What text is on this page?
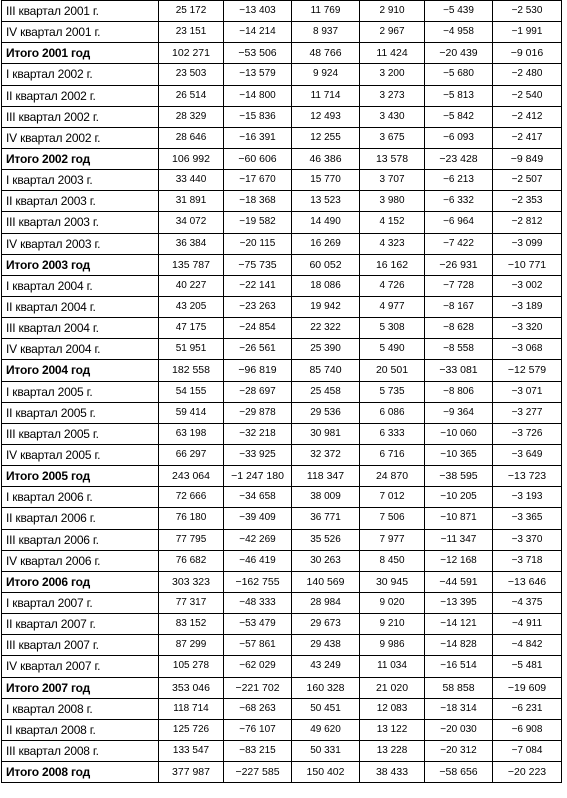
III квартал 2001 г.	25 172	−13 403	11 769	2 910	−5 439	−2 530
IV квартал 2001 г.	23 151	−14 214	8 937	2 967	−4 958	−1 991
Итого 2001 год	102 271	−53 506	48 766	11 424	−20 439	−9 016
I квартал 2002 г.	23 503	−13 579	9 924	3 200	−5 680	−2 480
II квартал 2002 г.	26 514	−14 800	11 714	3 273	−5 813	−2 540
III квартал 2002 г.	28 329	−15 836	12 493	3 430	−5 842	−2 412
IV квартал 2002 г.	28 646	−16 391	12 255	3 675	−6 093	−2 417
Итого 2002 год	106 992	−60 606	46 386	13 578	−23 428	−9 849
I квартал 2003 г.	33 440	−17 670	15 770	3 707	−6 213	−2 507
II квартал 2003 г.	31 891	−18 368	13 523	3 980	−6 332	−2 353
III квартал 2003 г.	34 072	−19 582	14 490	4 152	−6 964	−2 812
IV квартал 2003 г.	36 384	−20 115	16 269	4 323	−7 422	−3 099
Итого 2003 год	135 787	−75 735	60 052	16 162	−26 931	−10 771
I квартал 2004 г.	40 227	−22 141	18 086	4 726	−7 728	−3 002
II квартал 2004 г.	43 205	−23 263	19 942	4 977	−8 167	−3 189
III квартал 2004 г.	47 175	−24 854	22 322	5 308	−8 628	−3 320
IV квартал 2004 г.	51 951	−26 561	25 390	5 490	−8 558	−3 068
Итого 2004 год	182 558	−96 819	85 740	20 501	−33 081	−12 579
I квартал 2005 г.	54 155	−28 697	25 458	5 735	−8 806	−3 071
II квартал 2005 г.	59 414	−29 878	29 536	6 086	−9 364	−3 277
III квартал 2005 г.	63 198	−32 218	30 981	6 333	−10 060	−3 726
IV квартал 2005 г.	66 297	−33 925	32 372	6 716	−10 365	−3 649
Итого 2005 год	243 064	−1 247 180	118 347	24 870	−38 595	−13 723
I квартал 2006 г.	72 666	−34 658	38 009	7 012	−10 205	−3 193
II квартал 2006 г.	76 180	−39 409	36 771	7 506	−10 871	−3 365
III квартал 2006 г.	77 795	−42 269	35 526	7 977	−11 347	−3 370
IV квартал 2006 г.	76 682	−46 419	30 263	8 450	−12 168	−3 718
Итого 2006 год	303 323	−162 755	140 569	30 945	−44 591	−13 646
I квартал 2007 г.	77 317	−48 333	28 984	9 020	−13 395	−4 375
II квартал 2007 г.	83 152	−53 479	29 673	9 210	−14 121	−4 911
III квартал 2007 г.	87 299	−57 861	29 438	9 986	−14 828	−4 842
IV квартал 2007 г.	105 278	−62 029	43 249	11 034	−16 514	−5 481
Итого 2007 год	353 046	−221 702	160 328	21 020	58 858	−19 609
I квартал 2008 г.	118 714	−68 263	50 451	12 083	−18 314	−6 231
II квартал 2008 г.	125 726	−76 107	49 620	13 122	−20 030	−6 908
III квартал 2008 г.	133 547	−83 215	50 331	13 228	−20 312	−7 084
Итого 2008 год	377 987	−227 585	150 402	38 433	−58 656	−20 223
